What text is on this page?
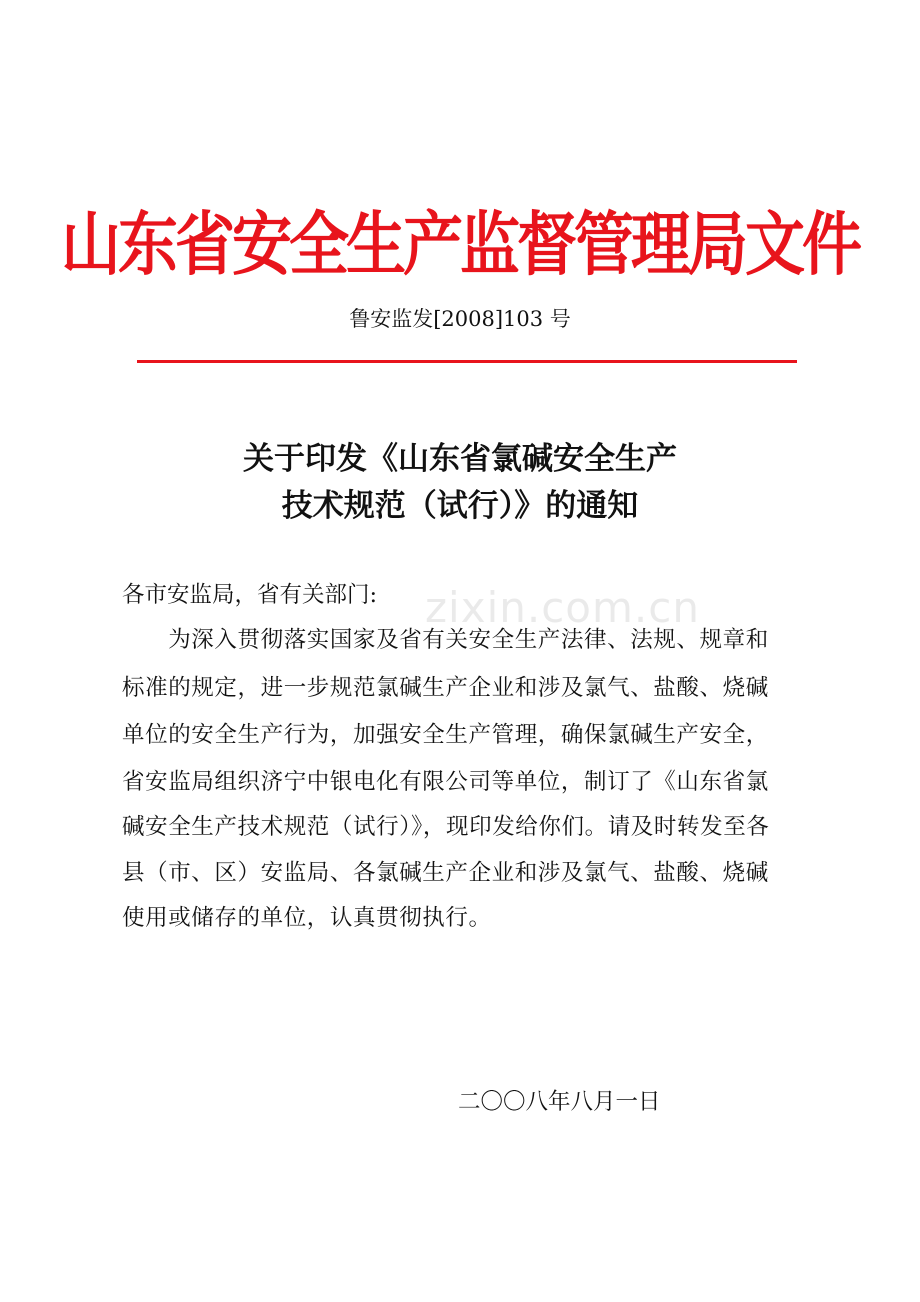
山东省安全生产监督管理局文件
鲁安监发[2008]103 号
关于印发《山东省氯碱安全生产
技术规范（试行）》的通知
各市安监局，省有关部门:
　　为深入贯彻落实国家及省有关安全生产法律、法规、规章和
标准的规定，进一步规范氯碱生产企业和涉及氯气、盐酸、烧碱
单位的安全生产行为，加强安全生产管理，确保氯碱生产安全，
省安监局组织济宁中银电化有限公司等单位，制订了《山东省氯
碱安全生产技术规范（试行）》，现印发给你们。请及时转发至各
县（市、区）安监局、各氯碱生产企业和涉及氯气、盐酸、烧碱
使用或储存的单位，认真贯彻执行。
二〇〇八年八月一日
zixin.com.cn
